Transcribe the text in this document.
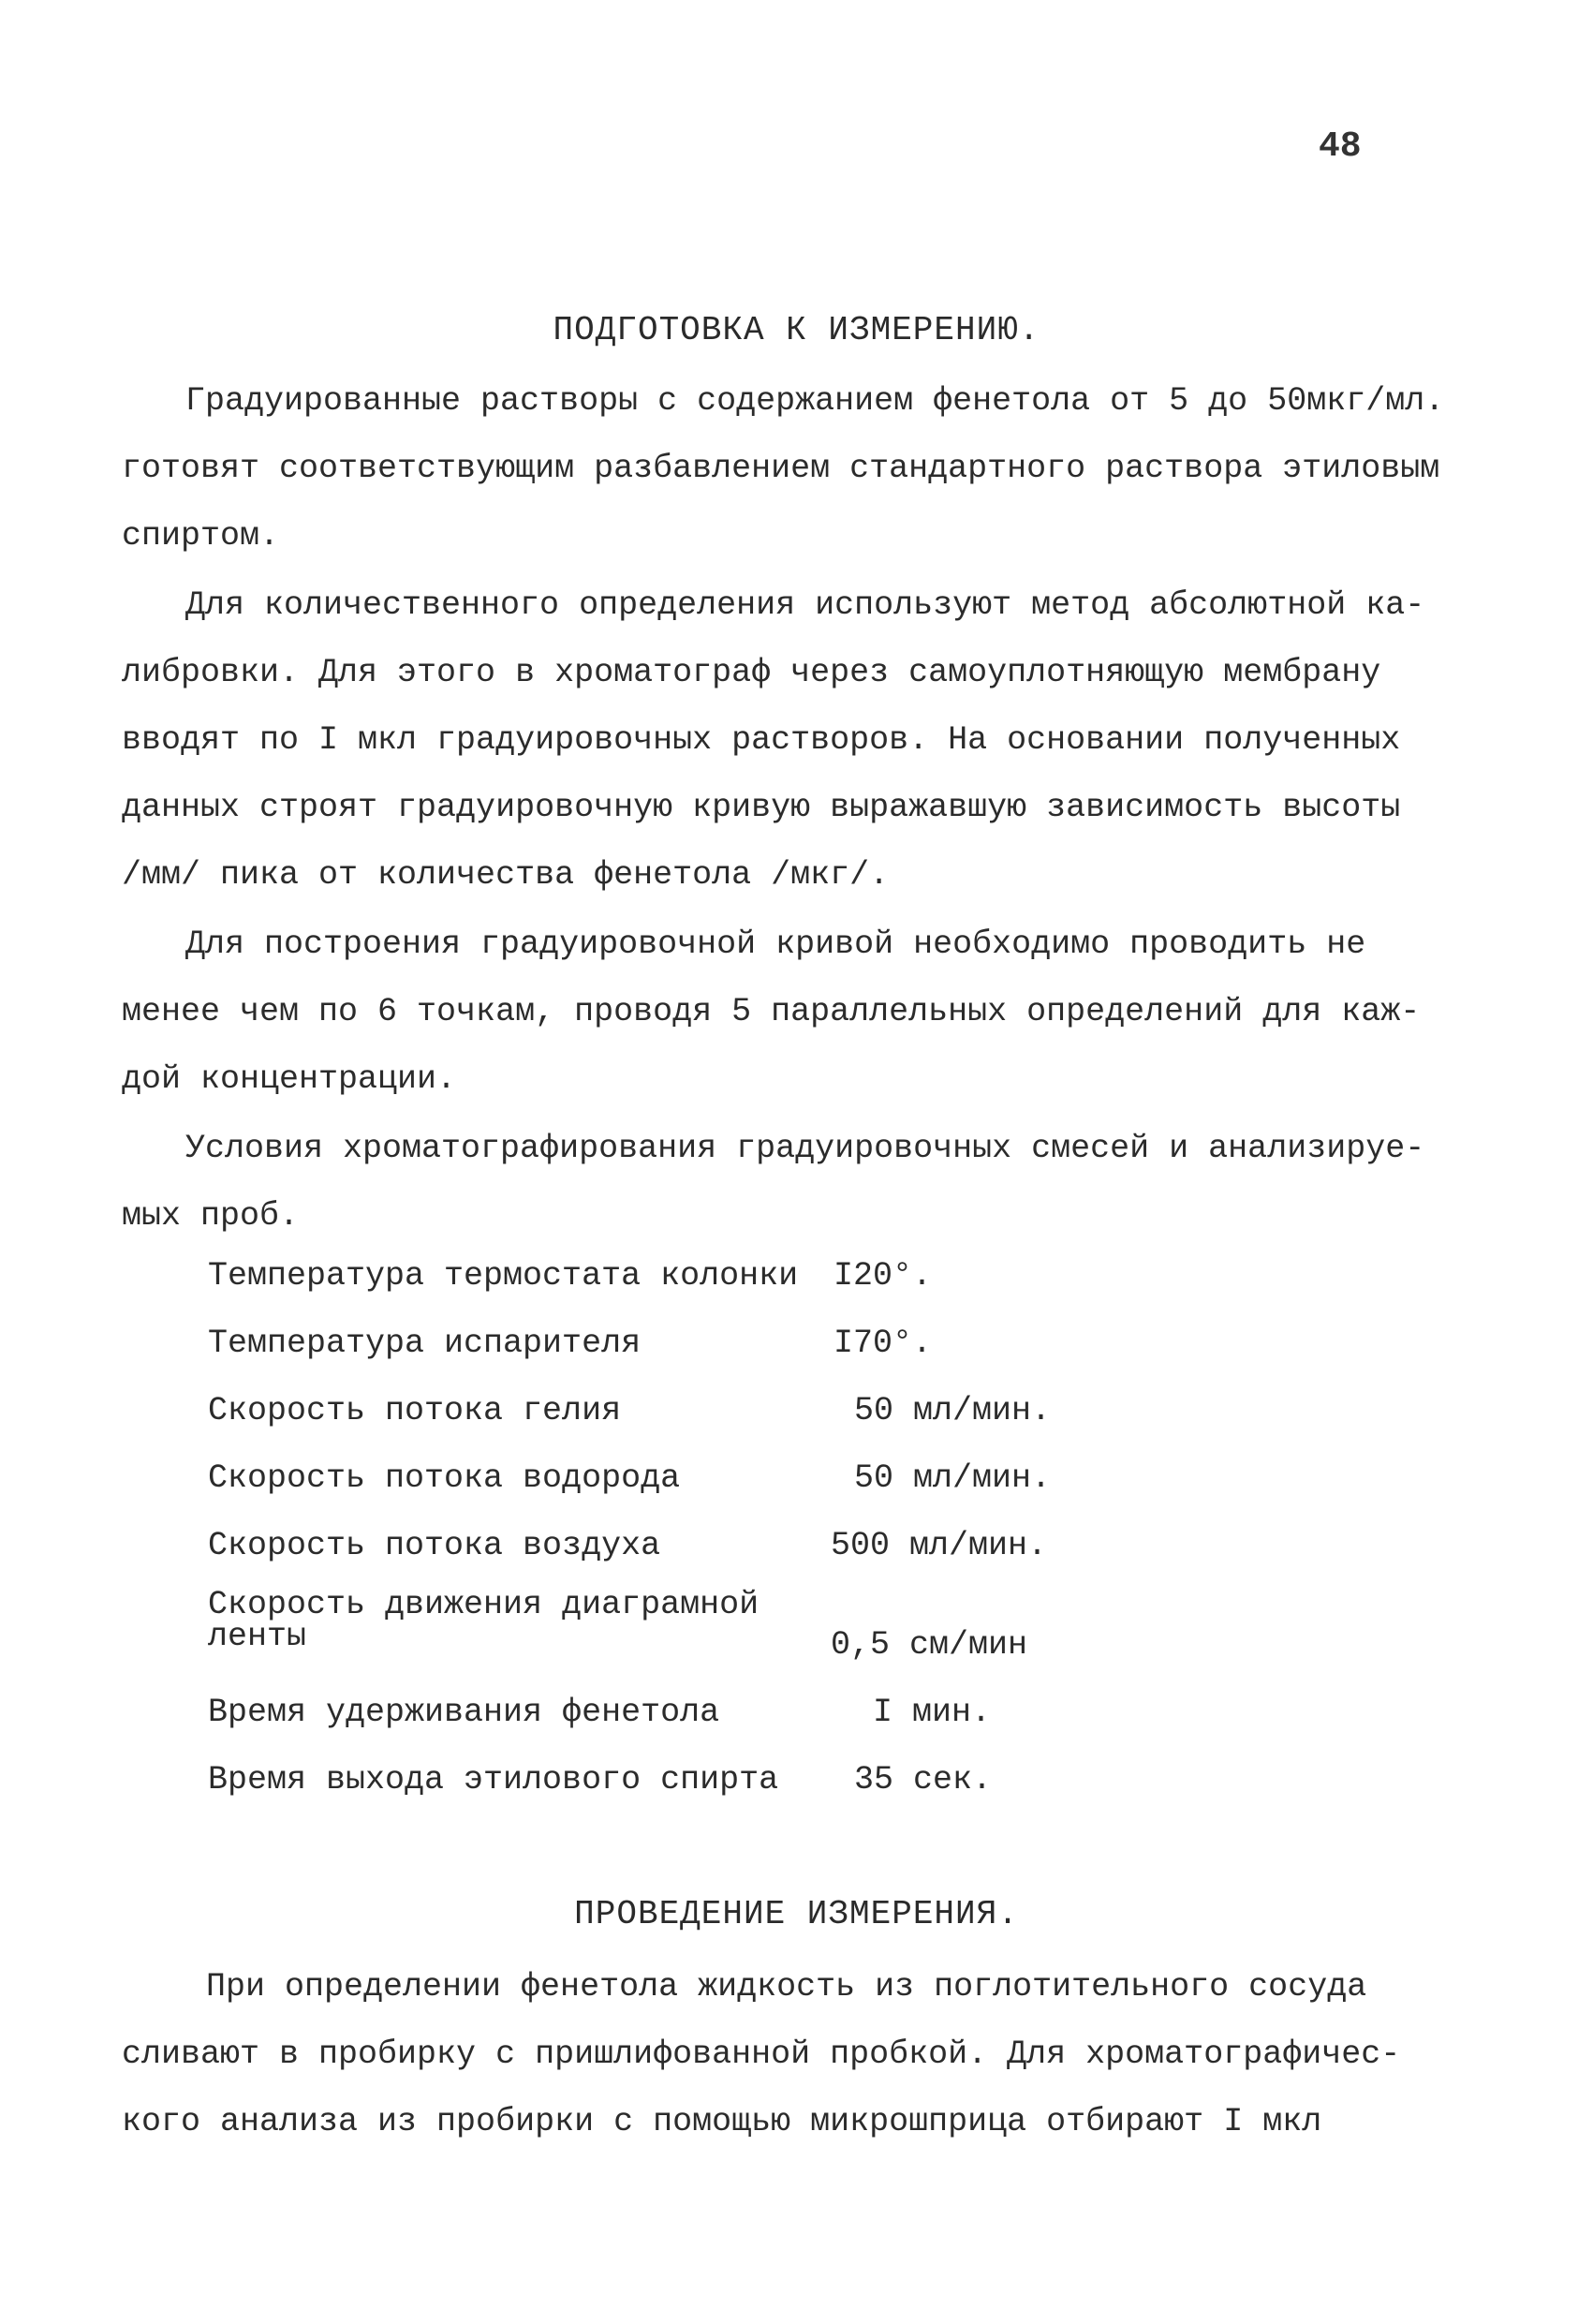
48
ПОДГОТОВКА К ИЗМЕРЕНИЮ.
Градуированные растворы с содержанием фенетола от 5 до 50мкг/мл.
готовят соответствующим разбавлением стандартного раствора этиловым
спиртом.
Для количественного определения используют метод абсолютной ка-
либровки. Для этого в хроматограф через самоуплотняющую мембрану
вводят по I мкл градуировочных растворов. На основании полученных
данных строят градуировочную кривую выражавшую зависимость высоты
/мм/ пика от количества фенетола /мкг/.
Для построения градуировочной кривой необходимо проводить не
менее чем по 6 точкам, проводя 5 параллельных определений для каж-
дой концентрации.
Условия хроматографирования градуировочных смесей и анализируе-
мых проб.
Температура термостата колонки	I20°.
Температура испарителя	I70°.
Скорость потока гелия	50 мл/мин.
Скорость потока водорода	50 мл/мин.
Скорость потока воздуха	500 мл/мин.
Скорость движения диаграмной
ленты	0,5 см/мин
Время удерживания фенетола	I мин.
Время выхода этилового спирта	35 сек.
ПРОВЕДЕНИЕ ИЗМЕРЕНИЯ.
При определении фенетола жидкость из поглотительного сосуда
сливают в пробирку с пришлифованной пробкой. Для хроматографичес-
кого анализа из пробирки с помощью микрошприца отбирают I мкл
